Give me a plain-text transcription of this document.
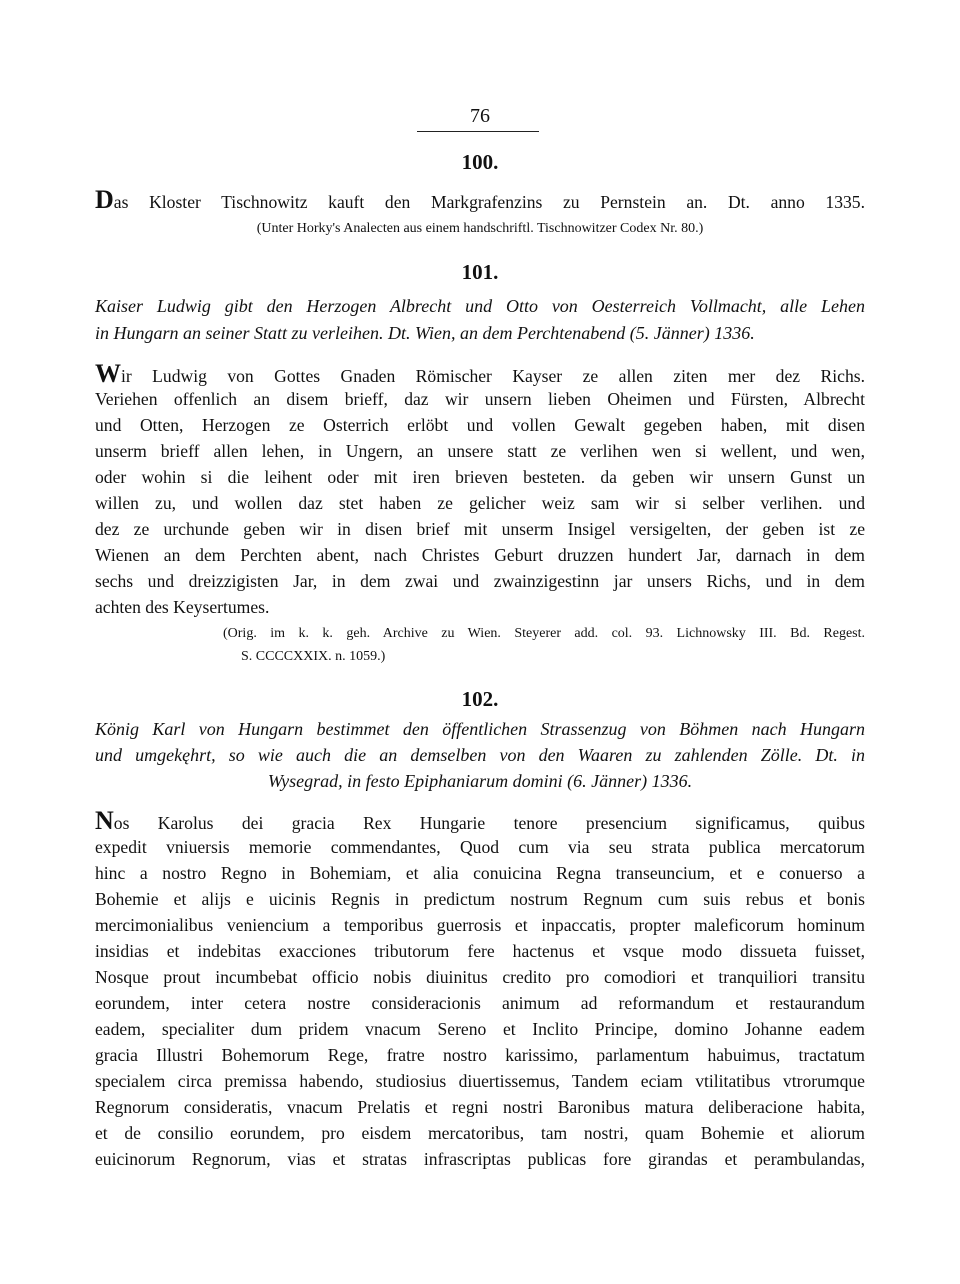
76
100.
Das Kloster Tischnowitz kauft den Markgrafenzins zu Pernstein an. Dt. anno 1335.
(Unter Horky's Analecten aus einem handschriftl. Tischnowitzer Codex Nr. 80.)
101.
Kaiser Ludwig gibt den Herzogen Albrecht und Otto von Oesterreich Vollmacht, alle Lehen
in Hungarn an seiner Statt zu verleihen. Dt. Wien, an dem Perchtenabend (5. Jänner) 1336.
Wir Ludwig von Gottes Gnaden Römischer Kayser ze allen ziten mer dez Richs.
Veriehen offenlich an disem brieff, daz wir unsern lieben Oheimen und Fürsten, Albrecht
und Otten, Herzogen ze Osterrich erlöbt und vollen Gewalt gegeben haben, mit disen
unserm brieff allen lehen, in Ungern, an unsere statt ze verlihen wen si wellent, und wen,
oder wohin si die leihent oder mit iren brieven besteten. da geben wir unsern Gunst un
willen zu, und wollen daz stet haben ze gelicher weiz sam wir si selber verlihen. und
dez ze urchunde geben wir in disen brief mit unserm Insigel versigelten, der geben ist ze
Wienen an dem Perchten abent, nach Christes Geburt druzzen hundert Jar, darnach in dem
sechs und dreizzigisten Jar, in dem zwai und zwainzigestinn jar unsers Richs, und in dem
achten des Keysertumes.
(Orig. im k. k. geh. Archive zu Wien. Steyerer add. col. 93. Lichnowsky III. Bd. Regest.
S. CCCCXXIX. n. 1059.)
102.
König Karl von Hungarn bestimmet den öffentlichen Strassenzug von Böhmen nach Hungarn
und umgekęhrt, so wie auch die an demselben von den Waaren zu zahlenden Zölle. Dt. in
Wysegrad, in festo Epiphaniarum domini (6. Jänner) 1336.
Nos Karolus dei gracia Rex Hungarie tenore presencium significamus, quibus
expedit vniuersis memorie commendantes, Quod cum via seu strata publica mercatorum
hinc a nostro Regno in Bohemiam, et alia conuicina Regna transeuncium, et e conuerso a
Bohemie et alijs e uicinis Regnis in predictum nostrum Regnum cum suis rebus et bonis
mercimonialibus veniencium a temporibus guerrosis et inpaccatis, propter maleficorum hominum
insidias et indebitas exacciones tributorum fere hactenus et vsque modo dissueta fuisset,
Nosque prout incumbebat officio nobis diuinitus credito pro comodiori et tranquiliori transitu
eorundem, inter cetera nostre consideracionis animum ad reformandum et restaurandum
eadem, specialiter dum pridem vnacum Sereno et Inclito Principe, domino Johanne eadem
gracia Illustri Bohemorum Rege, fratre nostro karissimo, parlamentum habuimus, tractatum
specialem circa premissa habendo, studiosius diuertissemus, Tandem eciam vtilitatibus vtrorumque
Regnorum consideratis, vnacum Prelatis et regni nostri Baronibus matura deliberacione habita,
et de consilio eorundem, pro eisdem mercatoribus, tam nostri, quam Bohemie et aliorum
euicinorum Regnorum, vias et stratas infrascriptas publicas fore girandas et perambulandas,
